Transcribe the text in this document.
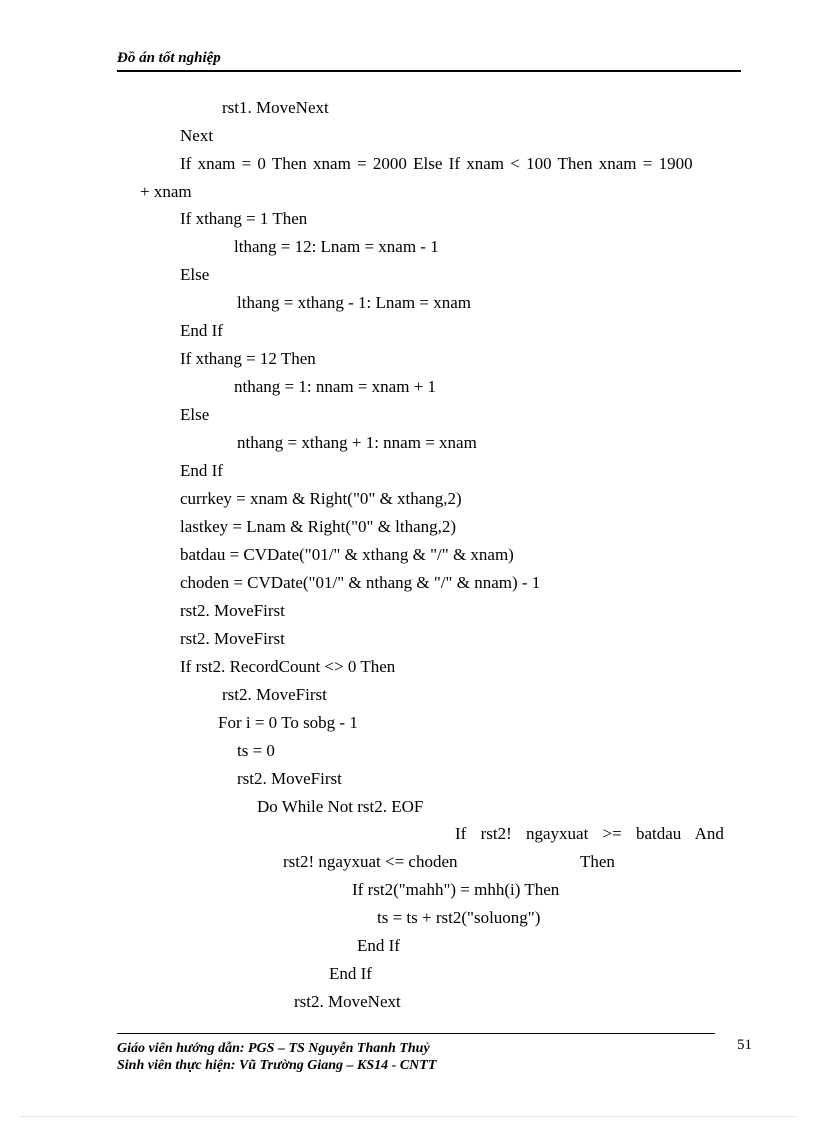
Đồ án tốt nghiệp
rst1. MoveNext
Next
If xnam = 0 Then xnam = 2000 Else If xnam < 100 Then xnam = 1900
+ xnam
If xthang = 1 Then
lthang = 12: Lnam = xnam - 1
Else
lthang = xthang - 1: Lnam = xnam
End If
If xthang = 12 Then
nthang = 1: nnam = xnam + 1
Else
nthang = xthang + 1: nnam = xnam
End If
currkey = xnam & Right("0" & xthang,2)
lastkey = Lnam & Right("0" & lthang,2)
batdau = CVDate("01/" & xthang & "/" & xnam)
choden = CVDate("01/" & nthang & "/" & nnam) - 1
rst2. MoveFirst
rst2. MoveFirst
If rst2. RecordCount <> 0 Then
rst2. MoveFirst
For i = 0 To sobg - 1
ts = 0
rst2. MoveFirst
Do While Not rst2. EOF
If rst2! ngayxuat >= batdau And
rst2! ngayxuat <= choden	Then
If rst2("mahh") = mhh(i) Then
ts = ts + rst2("soluong")
End If
End If
rst2. MoveNext
Giáo viên hướng dẫn: PGS – TS Nguyễn Thanh Thuỷ
Sinh viên thực hiện: Vũ Trường Giang – KS14 - CNTT
51
